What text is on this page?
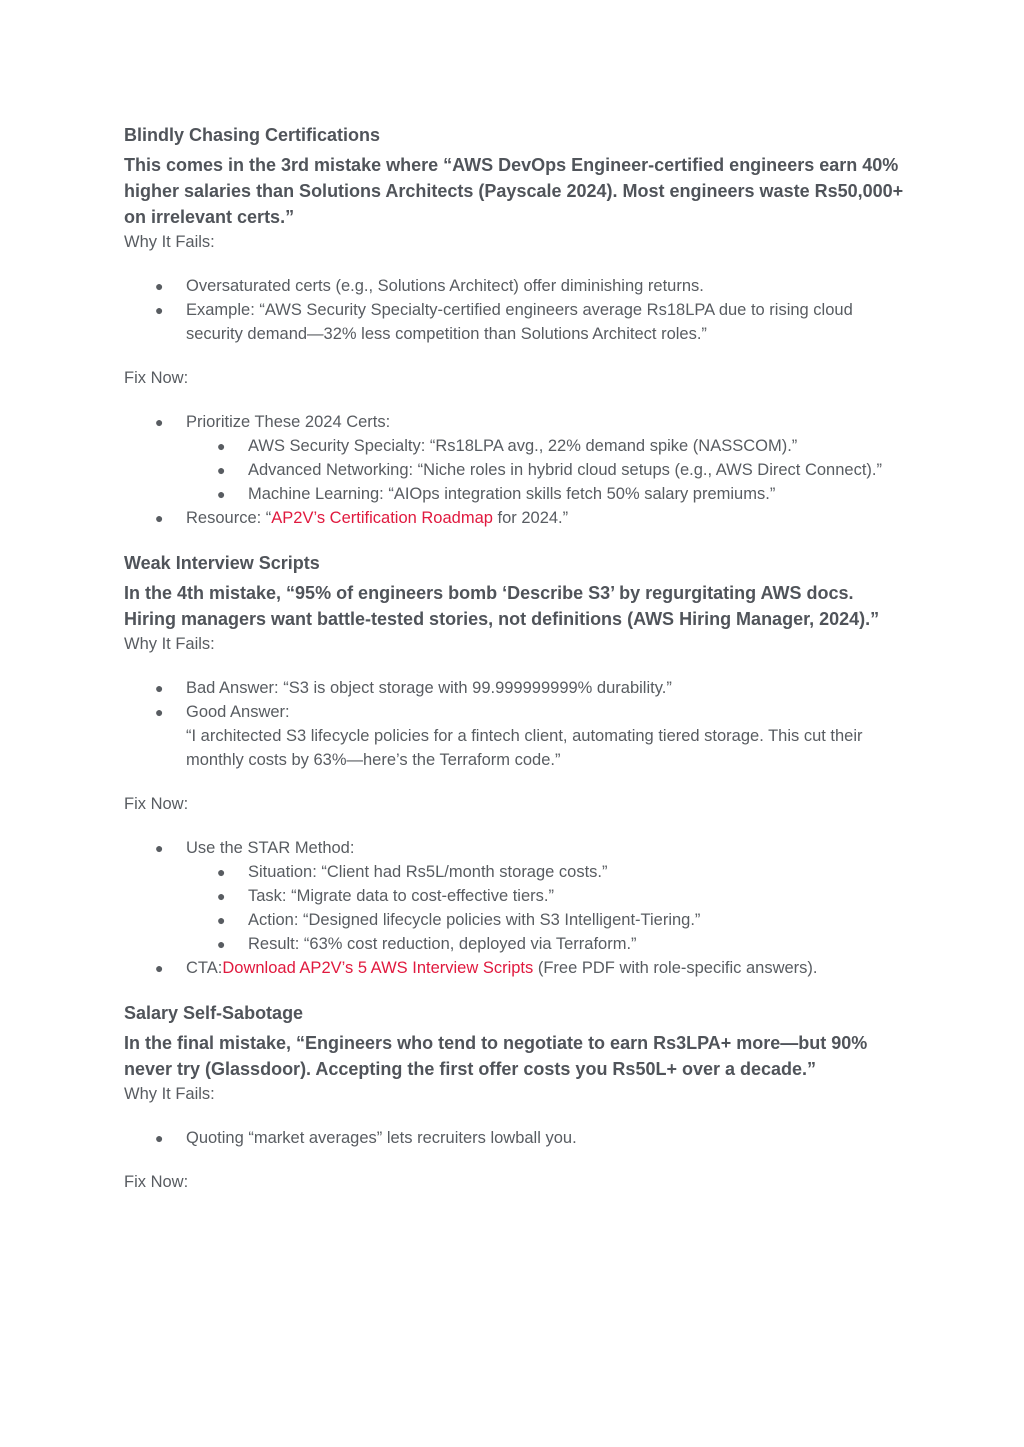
Blindly Chasing Certifications

This comes in the 3rd mistake where “AWS DevOps Engineer-certified engineers earn 40% higher salaries than Solutions Architects (Payscale 2024). Most engineers waste Rs50,000+ on irrelevant certs.”

Why It Fails:

● Oversaturated certs (e.g., Solutions Architect) offer diminishing returns.
● Example: “AWS Security Specialty-certified engineers average Rs18LPA due to rising cloud security demand—32% less competition than Solutions Architect roles.”

Fix Now:

● Prioritize These 2024 Certs:
● AWS Security Specialty: “Rs18LPA avg., 22% demand spike (NASSCOM).”
● Advanced Networking: “Niche roles in hybrid cloud setups (e.g., AWS Direct Connect).”
● Machine Learning: “AIOps integration skills fetch 50% salary premiums.”
● Resource: “AP2V’s Certification Roadmap for 2024.”

Weak Interview Scripts

In the 4th mistake, “95% of engineers bomb ‘Describe S3’ by regurgitating AWS docs. Hiring managers want battle-tested stories, not definitions (AWS Hiring Manager, 2024).”

Why It Fails:

● Bad Answer: “S3 is object storage with 99.999999999% durability.”
● Good Answer:
“I architected S3 lifecycle policies for a fintech client, automating tiered storage. This cut their monthly costs by 63%—here’s the Terraform code.”

Fix Now:

● Use the STAR Method:
● Situation: “Client had Rs5L/month storage costs.”
● Task: “Migrate data to cost-effective tiers.”
● Action: “Designed lifecycle policies with S3 Intelligent-Tiering.”
● Result: “63% cost reduction, deployed via Terraform.”
● CTA:Download AP2V’s 5 AWS Interview Scripts (Free PDF with role-specific answers).

Salary Self-Sabotage

In the final mistake, “Engineers who tend to negotiate to earn Rs3LPA+ more—but 90% never try (Glassdoor). Accepting the first offer costs you Rs50L+ over a decade.”

Why It Fails:

● Quoting “market averages” lets recruiters lowball you.

Fix Now:
